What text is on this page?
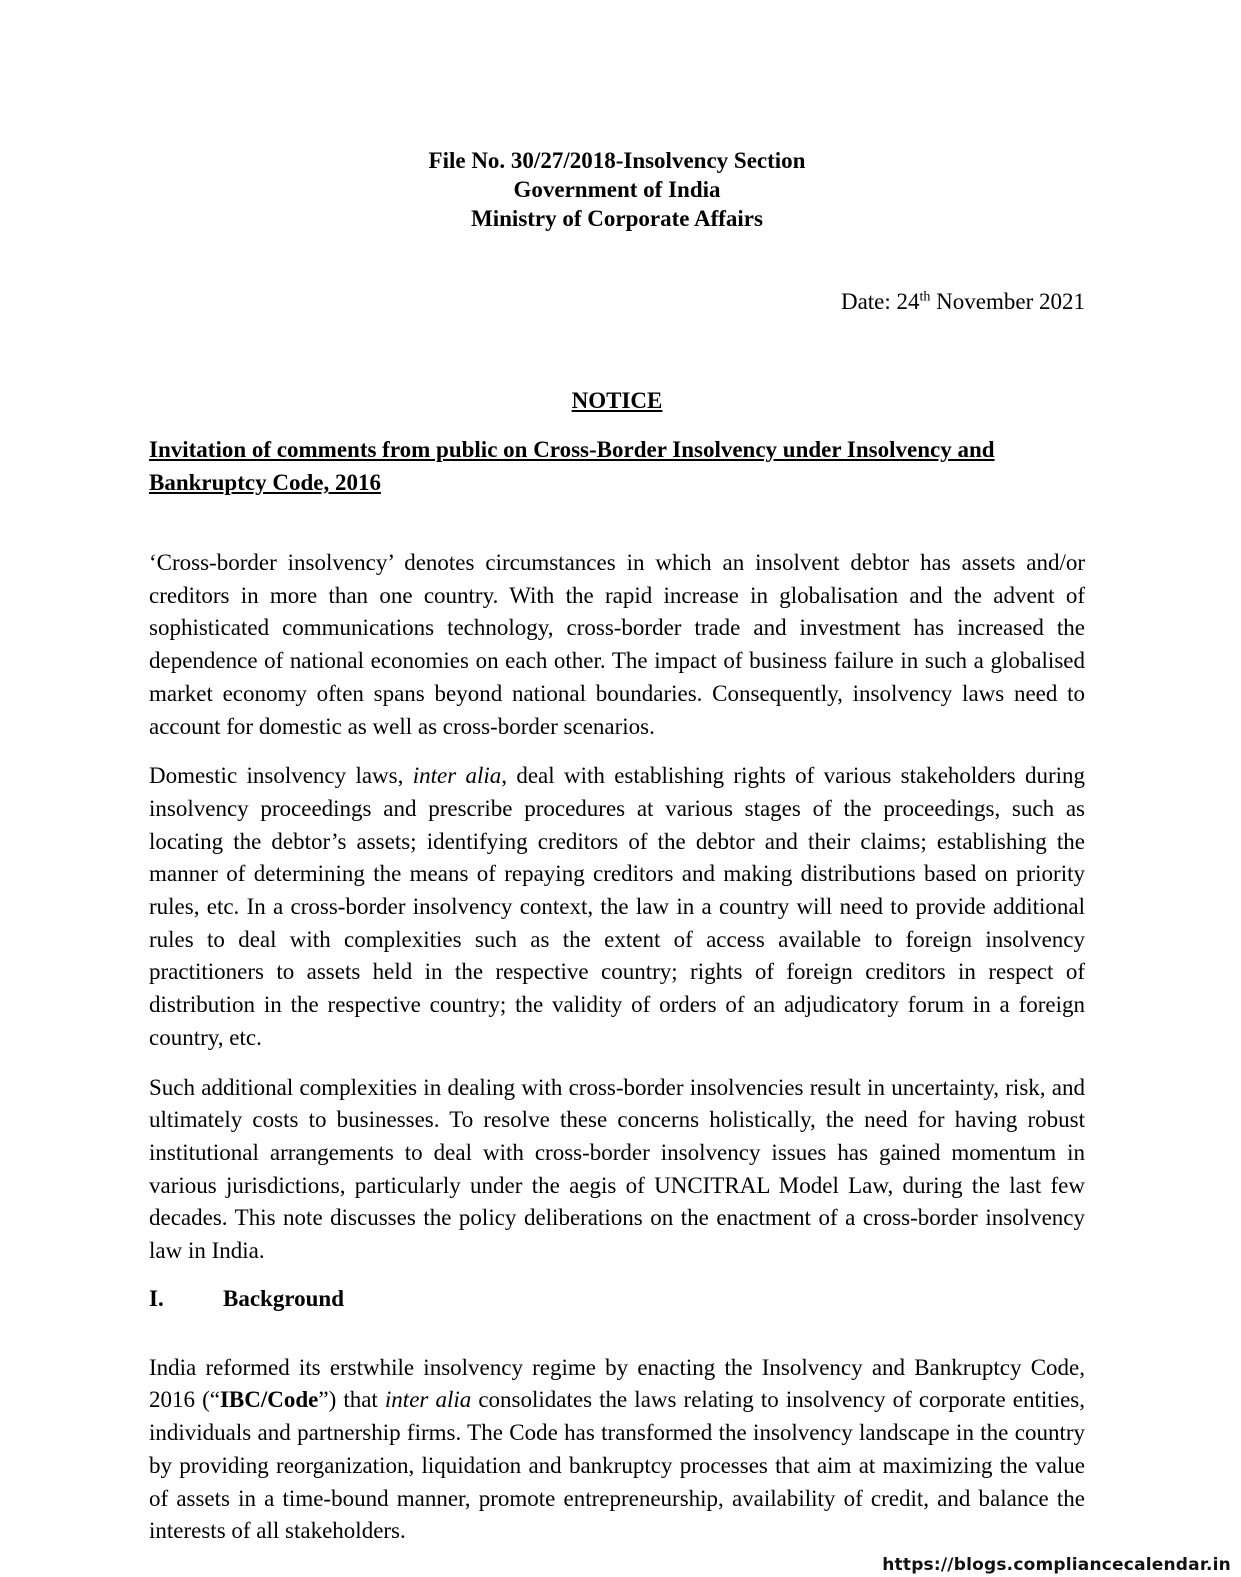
File No. 30/27/2018-Insolvency Section
Government of India
Ministry of Corporate Affairs
Date: 24th November 2021
NOTICE
Invitation of comments from public on Cross-Border Insolvency under Insolvency and Bankruptcy Code, 2016

‘Cross-border insolvency’ denotes circumstances in which an insolvent debtor has assets and/or creditors in more than one country. With the rapid increase in globalisation and the advent of sophisticated communications technology, cross-border trade and investment has increased the dependence of national economies on each other. The impact of business failure in such a globalised market economy often spans beyond national boundaries. Consequently, insolvency laws need to account for domestic as well as cross-border scenarios.

Domestic insolvency laws, inter alia, deal with establishing rights of various stakeholders during insolvency proceedings and prescribe procedures at various stages of the proceedings, such as locating the debtor’s assets; identifying creditors of the debtor and their claims; establishing the manner of determining the means of repaying creditors and making distributions based on priority rules, etc. In a cross-border insolvency context, the law in a country will need to provide additional rules to deal with complexities such as the extent of access available to foreign insolvency practitioners to assets held in the respective country; rights of foreign creditors in respect of distribution in the respective country; the validity of orders of an adjudicatory forum in a foreign country, etc.

Such additional complexities in dealing with cross-border insolvencies result in uncertainty, risk, and ultimately costs to businesses. To resolve these concerns holistically, the need for having robust institutional arrangements to deal with cross-border insolvency issues has gained momentum in various jurisdictions, particularly under the aegis of UNCITRAL Model Law, during the last few decades. This note discusses the policy deliberations on the enactment of a cross-border insolvency law in India.

I.	Background

India reformed its erstwhile insolvency regime by enacting the Insolvency and Bankruptcy Code, 2016 (“IBC/Code”) that inter alia consolidates the laws relating to insolvency of corporate entities, individuals and partnership firms. The Code has transformed the insolvency landscape in the country by providing reorganization, liquidation and bankruptcy processes that aim at maximizing the value of assets in a time-bound manner, promote entrepreneurship, availability of credit, and balance the interests of all stakeholders.

https://blogs.compliancecalendar.in
